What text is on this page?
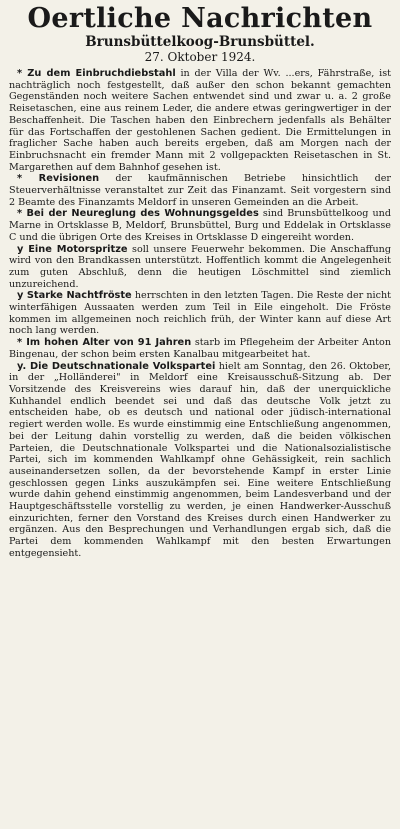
Oertliche Nachrichten
Brunsbüttelkoog-Brunsbüttel.

27. Oktober 1924.

* Zu dem Einbruchdiebstahl in der Villa der Wv. ...ers, Fährstraße, ist nachträglich noch festgestellt, daß außer den schon bekannt gemachten Gegenständen noch weitere Sachen entwendet sind und zwar u. a. 2 große Reisetaschen, eine aus reinem Leder, die andere etwas geringwertiger in der Beschaffenheit. Die Taschen haben den Einbrechern jedenfalls als Behälter für das Fortschaffen der gestohlenen Sachen gedient. Die Ermittelungen in fraglicher Sache haben auch bereits ergeben, daß am Morgen nach der Einbruchsnacht ein fremder Mann mit 2 vollgepackten Reisetaschen in St. Margarethen auf dem Bahnhof gesehen ist.

* Revisionen der kaufmännischen Betriebe hinsichtlich der Steuerverhältnisse veranstaltet zur Zeit das Finanzamt. Seit vorgestern sind 2 Beamte des Finanzamts Meldorf in unseren Gemeinden an die Arbeit.

* Bei der Neureglung des Wohnungsgeldes sind Brunsbüttelkoog und Marne in Ortsklasse B, Meldorf, Brunsbüttel, Burg und Eddelak in Ortsklasse C und die übrigen Orte des Kreises in Ortsklasse D eingereiht worden.

y Eine Motorspritze soll unsere Feuerwehr bekommen. Die Anschaffung wird von den Brandkassen unterstützt. Hoffentlich kommt die Angelegenheit zum guten Abschluß, denn die heutigen Löschmittel sind ziemlich unzureichend.

y Starke Nachtfröste herrschten in den letzten Tagen. Die Reste der nicht winterfähigen Aussaaten werden zum Teil in Eile eingeholt. Die Fröste kommen im allgemeinen noch reichlich früh, der Winter kann auf diese Art noch lang werden.

* Im hohen Alter von 91 Jahren starb im Pflegeheim der Arbeiter Anton Bingenau, der schon beim ersten Kanalbau mitgearbeitet hat.

y. Die Deutschnationale Volkspartei hielt am Sonntag, den 26. Oktober, in der „Holländerei" in Meldorf eine Kreisausschuß-Sitzung ab. Der Vorsitzende des Kreisvereins wies darauf hin, daß der unerquickliche Kuhhandel endlich beendet sei und daß das deutsche Volk jetzt zu entscheiden habe, ob es deutsch und national oder jüdisch-international regiert werden wolle. Es wurde einstimmig eine Entschließung angenommen, bei der Leitung dahin vorstellig zu werden, daß die beiden völkischen Parteien, die Deutschnationale Volkspartei und die Nationalsozialistische Partei, sich im kommenden Wahlkampf ohne Gehässigkeit, rein sachlich auseinandersetzen sollen, da der bevorstehende Kampf in erster Linie geschlossen gegen Links auszukämpfen sei. Eine weitere Entschließung wurde dahin gehend einstimmig angenommen, beim Landesverband und der Hauptgeschäftsstelle vorstellig zu werden, je einen Handwerker-Ausschuß einzurichten, ferner den Vorstand des Kreises durch einen Handwerker zu ergänzen. Aus den Besprechungen und Verhandlungen ergab sich, daß die Partei dem kommenden Wahlkampf mit den besten Erwartungen entgegensieht.
